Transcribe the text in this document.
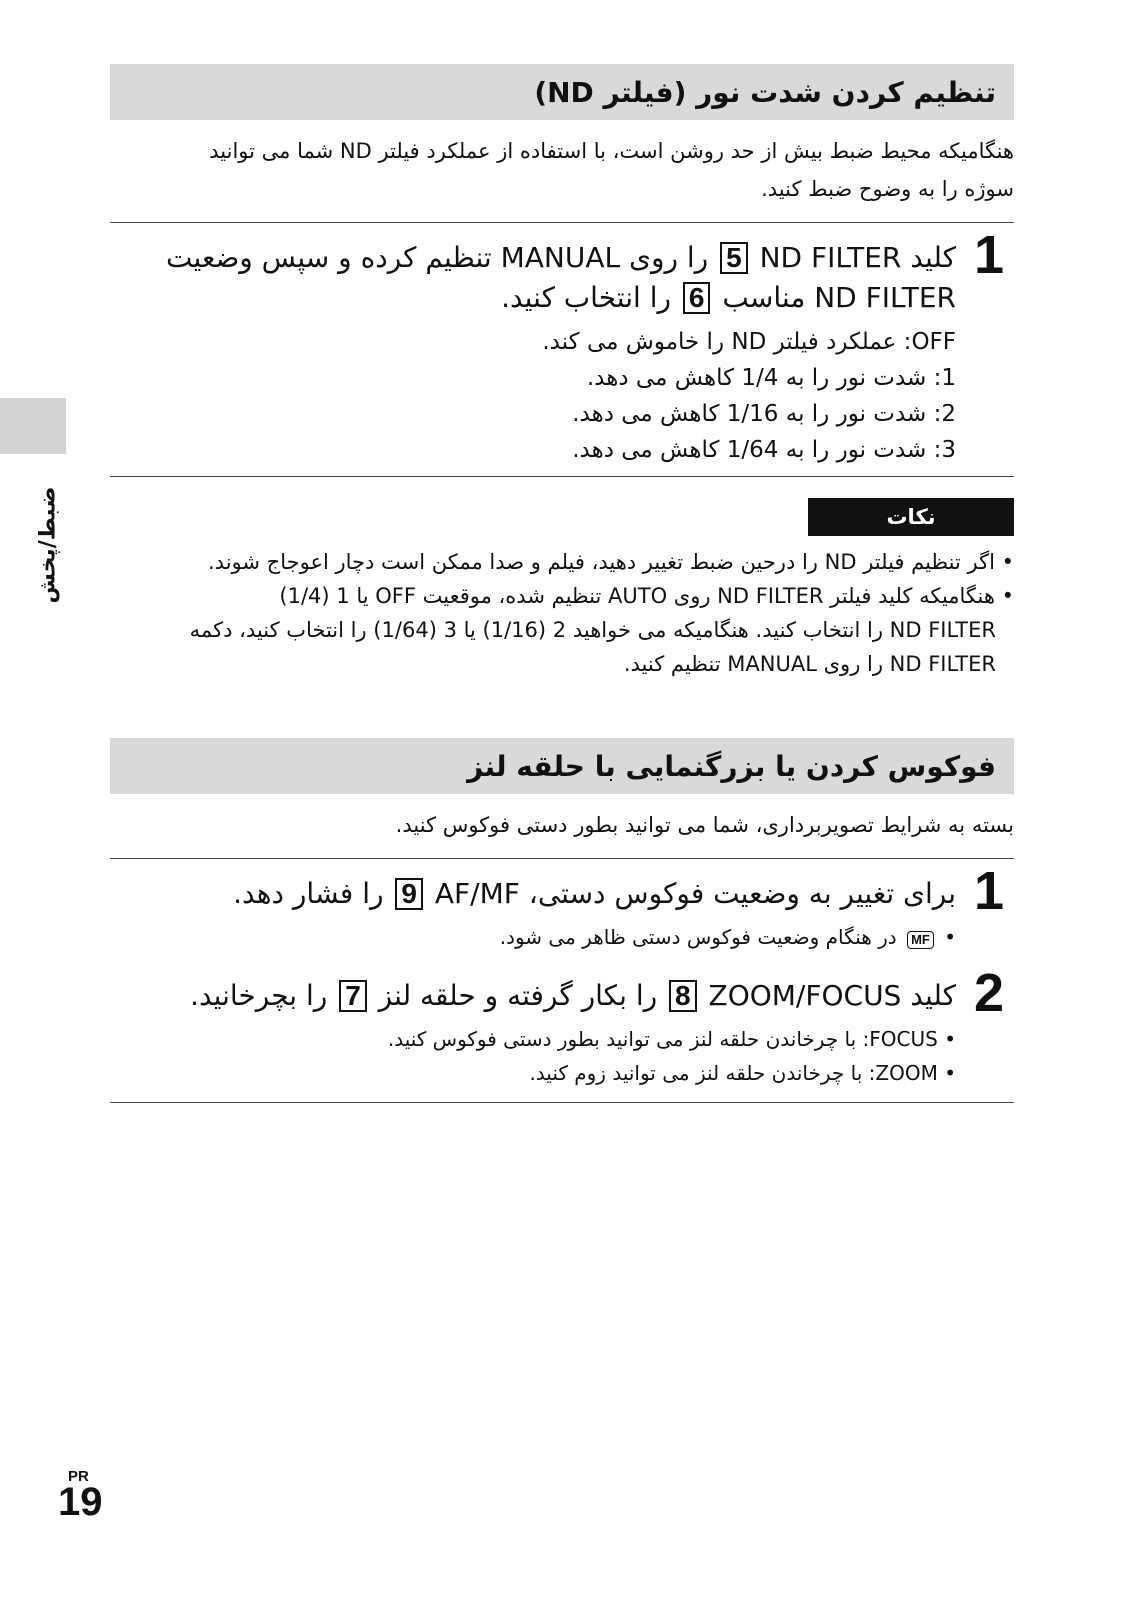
ضبط/پخش
تنظیم کردن شدت نور (فیلتر ND)
هنگامیکه محیط ضبط بیش از حد روشن است، با استفاده از عملکرد فیلتر ND شما می توانید
سوژه را به وضوح ضبط کنید.
1
کلید ND FILTER 5 را روی MANUAL تنظیم کرده و سپس وضعیت
ND FILTER مناسب 6 را انتخاب کنید.
OFF: عملکرد فیلتر ND را خاموش می کند.
1: شدت نور را به 1/4 کاهش می دهد.
2: شدت نور را به 1/16 کاهش می دهد.
3: شدت نور را به 1/64 کاهش می دهد.
نکات
• اگر تنظیم فیلتر ND را درحین ضبط تغییر دهید، فیلم و صدا ممکن است دچار اعوجاج شوند.
• هنگامیکه کلید فیلتر ND FILTER روی AUTO تنظیم شده، موقعیت OFF یا 1 (1/4)
ND FILTER را انتخاب کنید. هنگامیکه می خواهید 2 (1/16) یا 3 (1/64) را انتخاب کنید، دکمه
ND FILTER را روی MANUAL تنظیم کنید.
فوکوس کردن یا بزرگنمایی با حلقه لنز
بسته به شرایط تصویربرداری، شما می توانید بطور دستی فوکوس کنید.
1
برای تغییر به وضعیت فوکوس دستی، AF/MF 9 را فشار دهد.
• MF در هنگام وضعیت فوکوس دستی ظاهر می شود.
2
کلید ZOOM/FOCUS 8 را بکار گرفته و حلقه لنز 7 را بچرخانید.
• FOCUS: با چرخاندن حلقه لنز می توانید بطور دستی فوکوس کنید.
• ZOOM: با چرخاندن حلقه لنز می توانید زوم کنید.
PR
19
